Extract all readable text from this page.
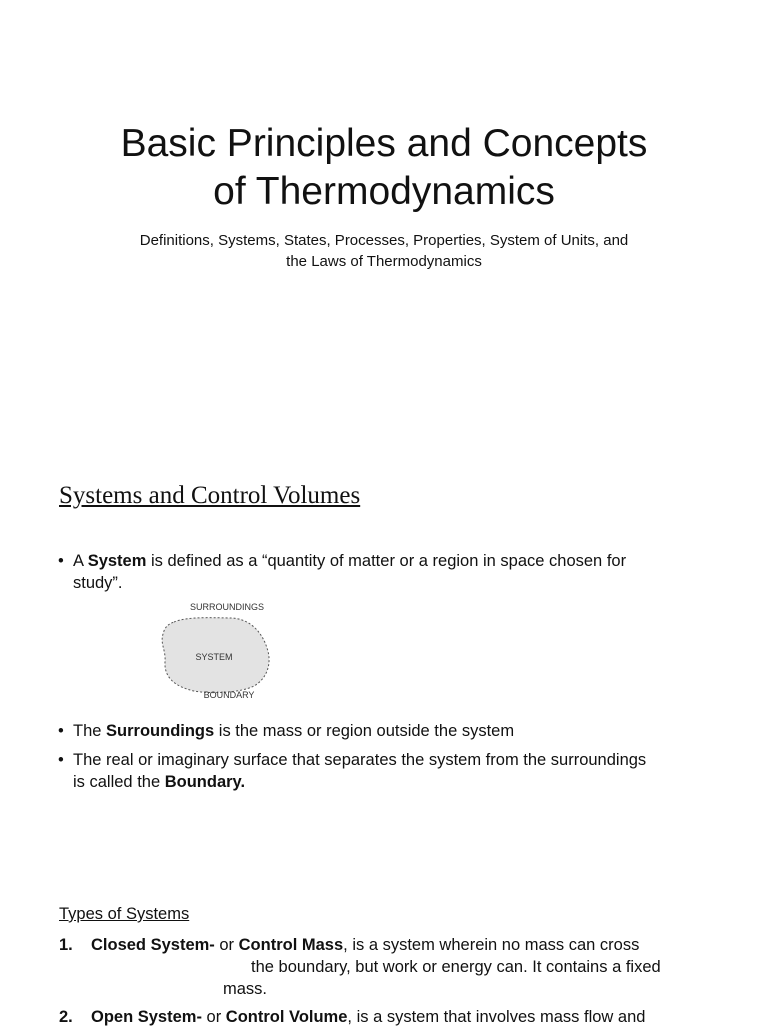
Basic Principles and Concepts
of Thermodynamics
Definitions, Systems, States, Processes, Properties, System of Units, and
the Laws of Thermodynamics
Systems and Control Volumes
• A System is defined as a “quantity of matter or a region in space chosen for
study”.
SURROUNDINGS
SYSTEM
BOUNDARY
• The Surroundings is the mass or region outside the system
• The real or imaginary surface that separates the system from the surroundings
is called the Boundary.
Types of Systems
1.	Closed System- or Control Mass, is a system wherein no mass can cross
the boundary, but work or energy can. It contains a fixed
mass.
2.	Open System- or Control Volume, is a system that involves mass flow and
